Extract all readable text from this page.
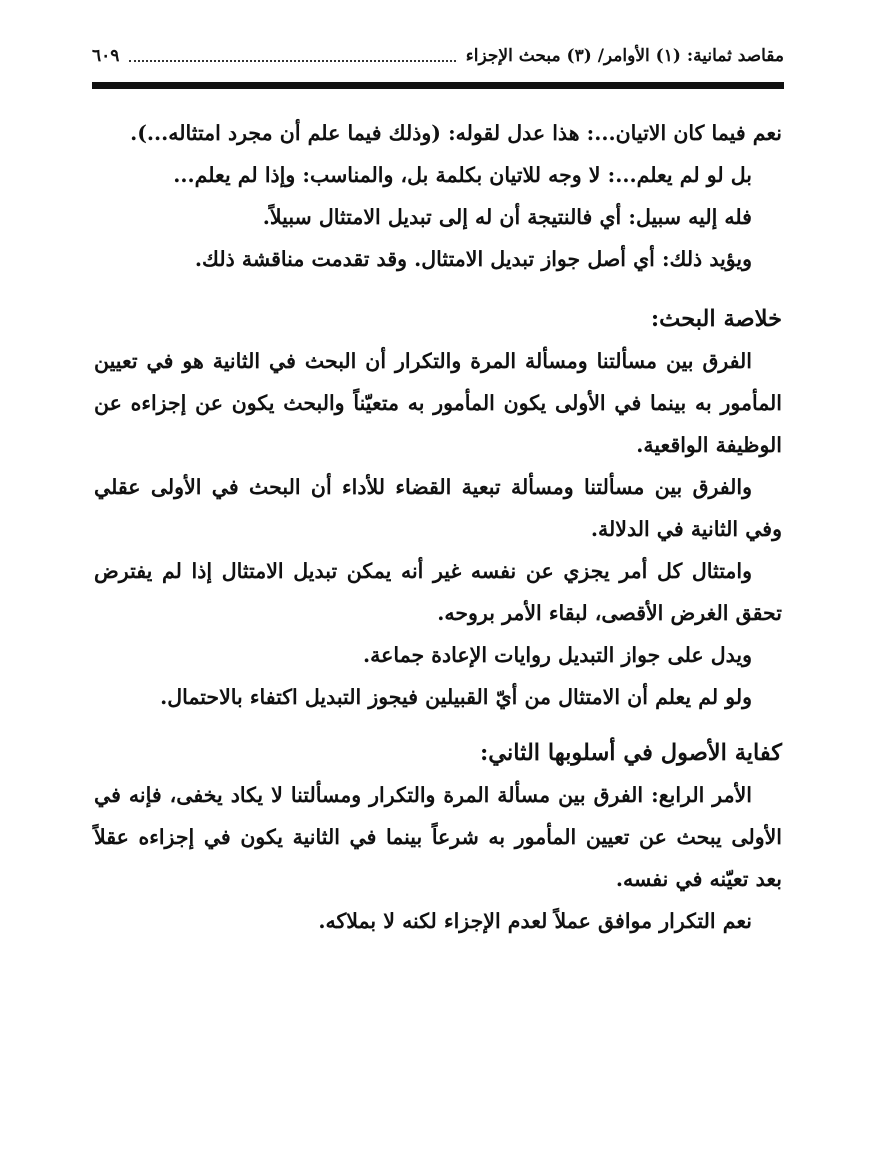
مقاصد ثمانية: (١) الأوامر/ (٣) مبحث الإجزاء
٦٠٩

نعم فيما كان الاتيان...: هذا عدل لقوله: (وذلك فيما علم أن مجرد امتثاله...).

بل لو لم يعلم...: لا وجه للاتيان بكلمة بل، والمناسب: وإذا لم يعلم...

فله إليه سبيل: أي فالنتيجة أن له إلى تبديل الامتثال سبيلاً.

ويؤيد ذلك: أي أصل جواز تبديل الامتثال. وقد تقدمت مناقشة ذلك.

خلاصة البحث:

الفرق بين مسألتنا ومسألة المرة والتكرار أن البحث في الثانية هو في تعيين المأمور به بينما في الأولى يكون المأمور به متعيّناً والبحث يكون عن إجزاءه عن الوظيفة الواقعية.

والفرق بين مسألتنا ومسألة تبعية القضاء للأداء أن البحث في الأولى عقلي وفي الثانية في الدلالة.

وامتثال كل أمر يجزي عن نفسه غير أنه يمكن تبديل الامتثال إذا لم يفترض تحقق الغرض الأقصى، لبقاء الأمر بروحه.

ويدل على جواز التبديل روايات الإعادة جماعة.

ولو لم يعلم أن الامتثال من أيّ القبيلين فيجوز التبديل اكتفاء بالاحتمال.

كفاية الأصول في أسلوبها الثاني:

الأمر الرابع: الفرق بين مسألة المرة والتكرار ومسألتنا لا يكاد يخفى، فإنه في الأولى يبحث عن تعيين المأمور به شرعاً بينما في الثانية يكون في إجزاءه عقلاً بعد تعيّنه في نفسه.

نعم التكرار موافق عملاً لعدم الإجزاء لكنه لا بملاكه.
